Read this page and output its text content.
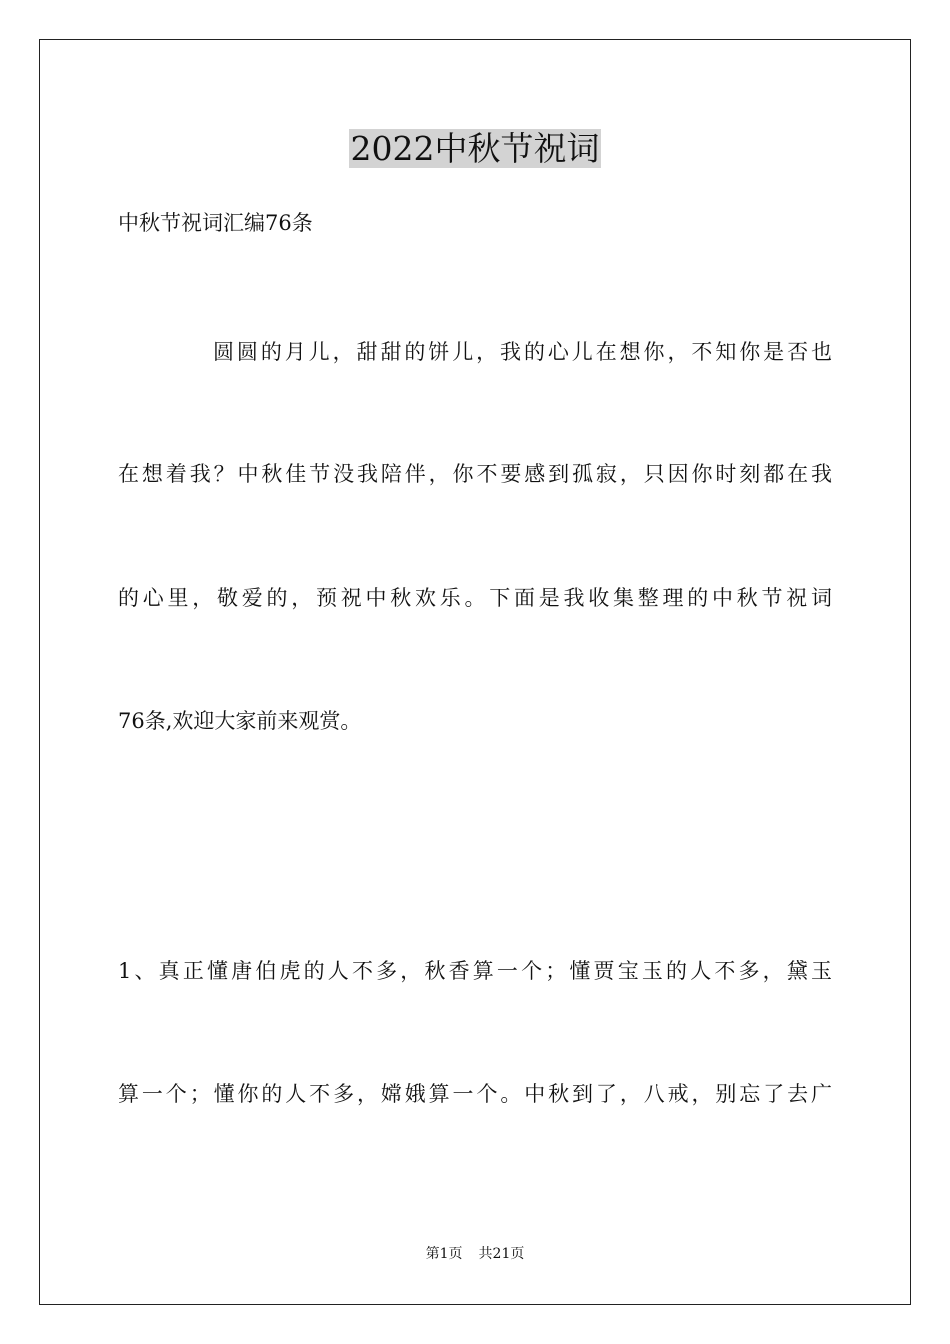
2022中秋节祝词
中秋节祝词汇编76条
圆圆的月儿，甜甜的饼儿，我的心儿在想你，不知你是否也
在想着我？中秋佳节没我陪伴，你不要感到孤寂，只因你时刻都在我
的心里，敬爱的，预祝中秋欢乐。下面是我收集整理的中秋节祝词
76条,欢迎大家前来观赏。
1、真正懂唐伯虎的人不多，秋香算一个；懂贾宝玉的人不多，黛玉
算一个；懂你的人不多，嫦娥算一个。中秋到了，八戒，别忘了去广
第1页 共21页
